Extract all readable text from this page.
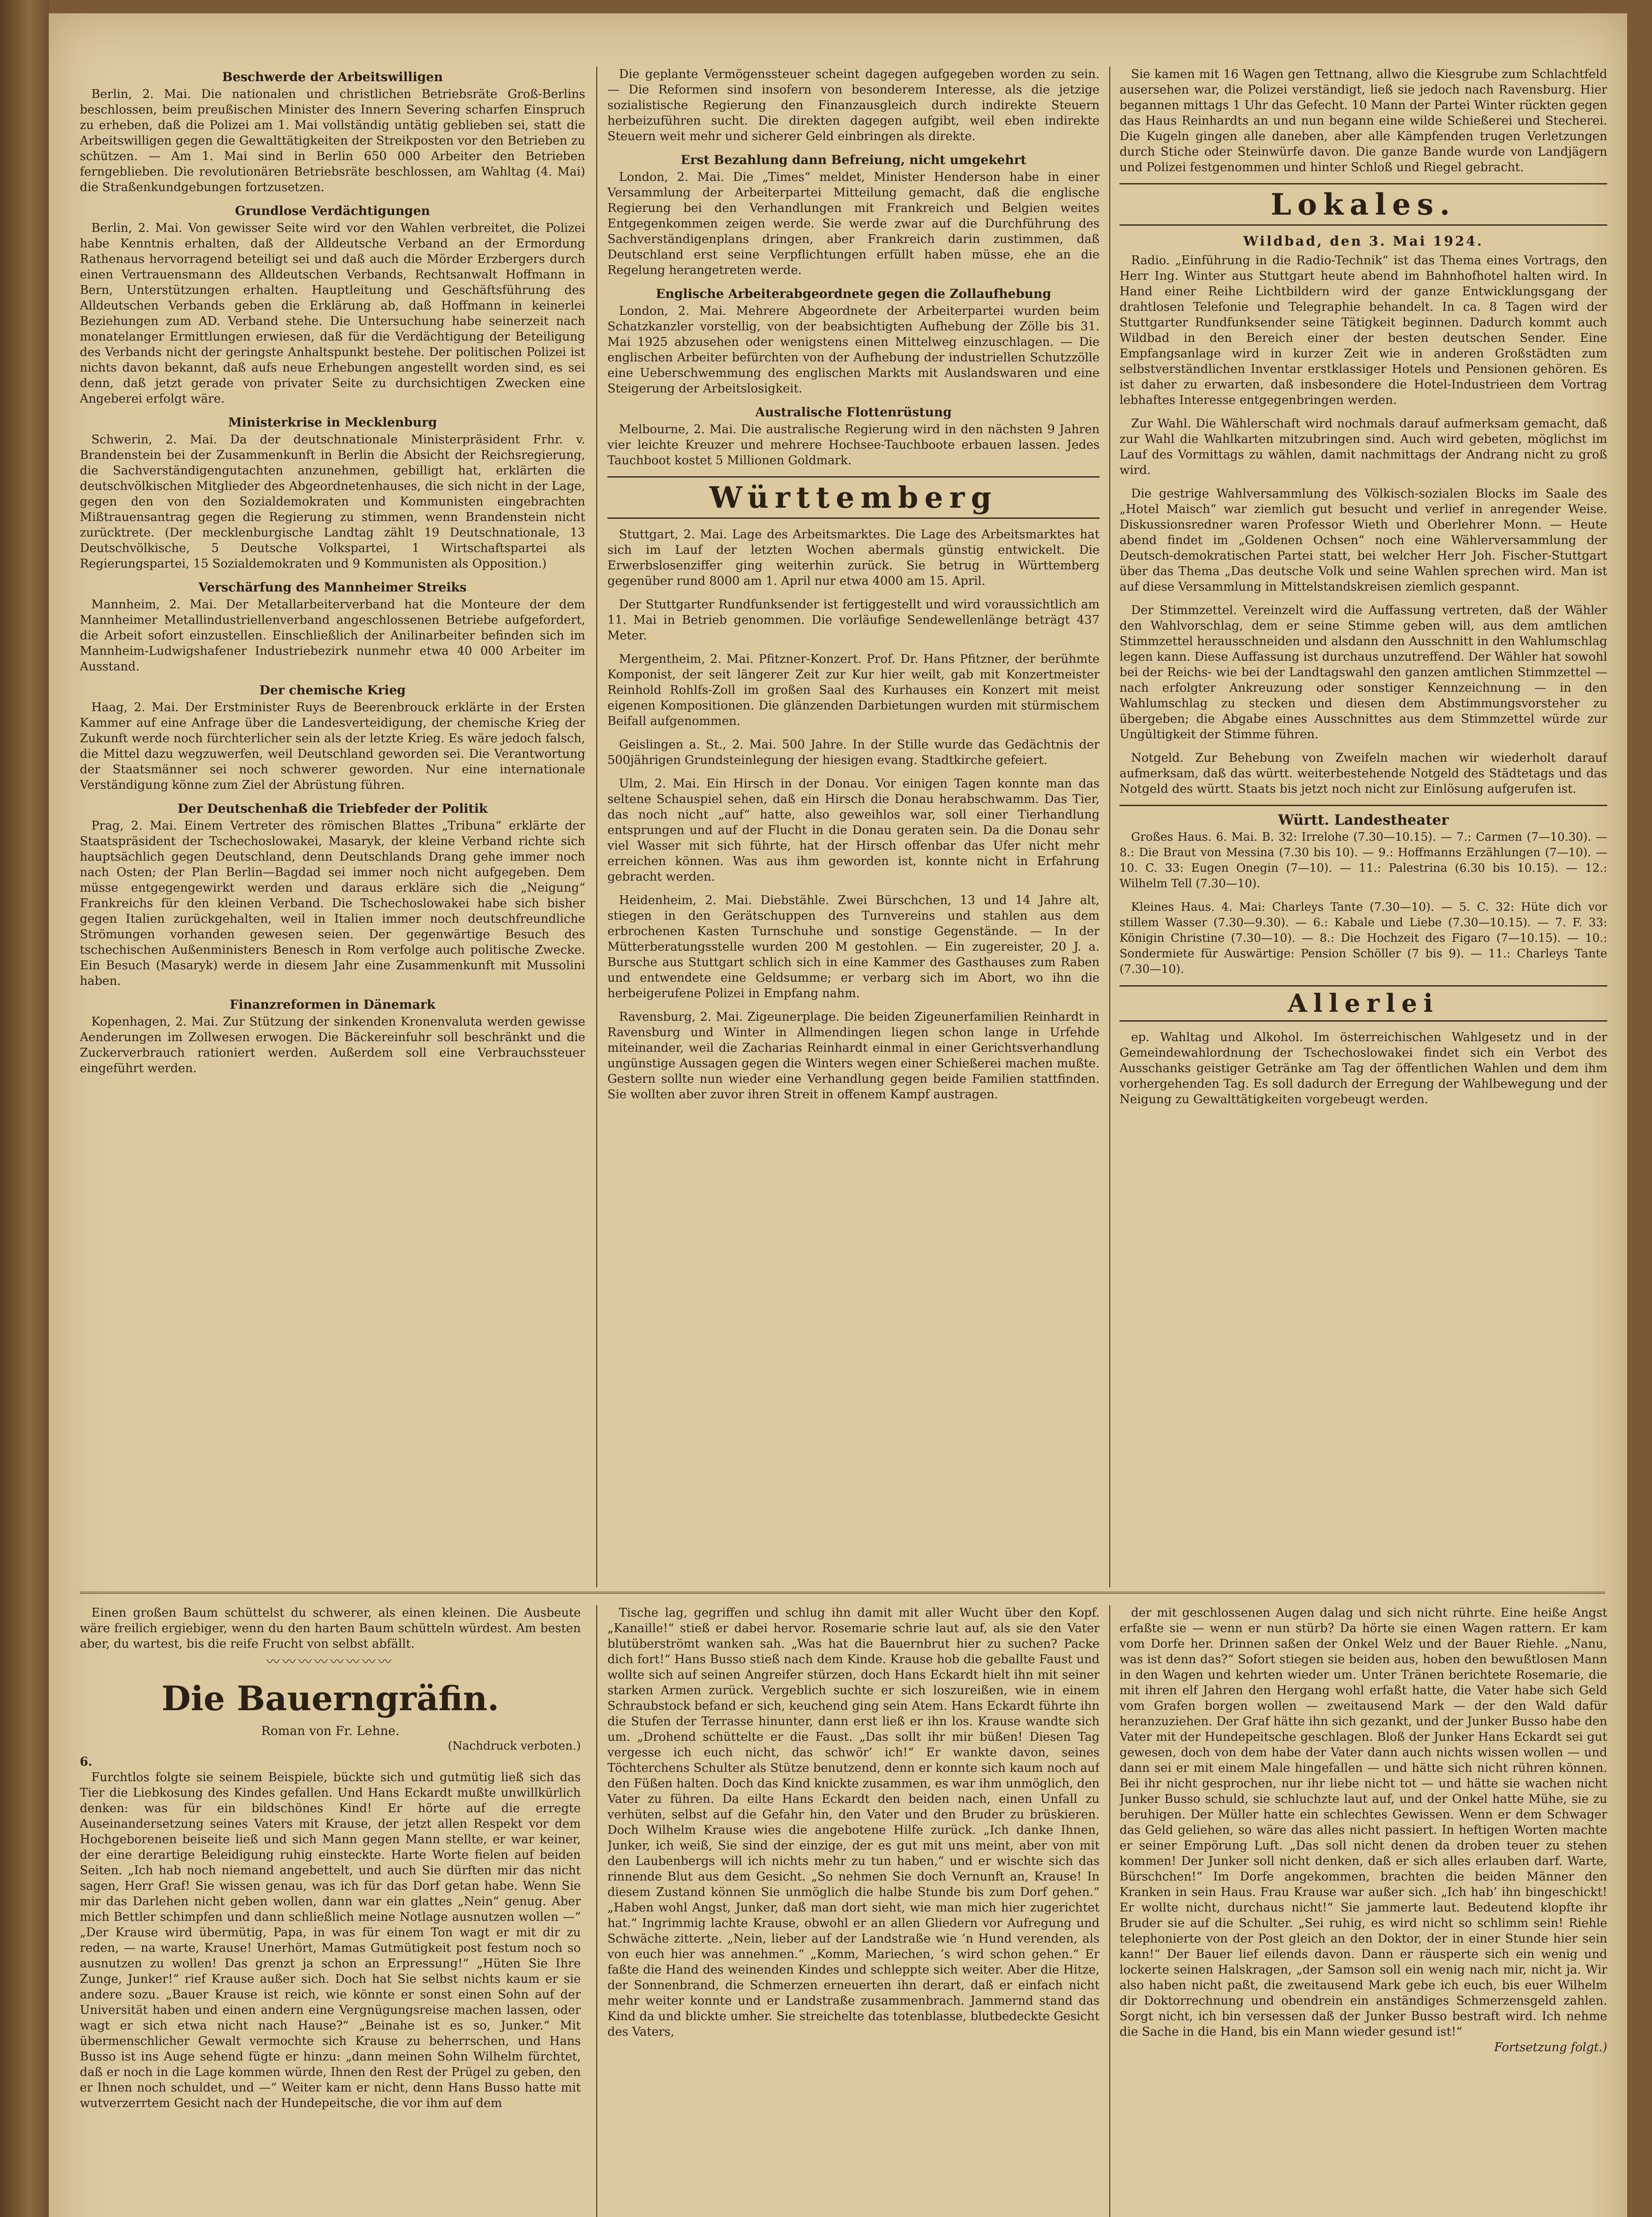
Beschwerde der Arbeitswilligen
Berlin, 2. Mai. Die nationalen und christlichen Betriebsräte Groß-Berlins beschlossen, beim preußischen Minister des Innern Severing scharfen Einspruch zu erheben, daß die Polizei am 1. Mai vollständig untätig geblieben sei, statt die Arbeitswilligen gegen die Gewalttätigkeiten der Streikposten vor den Betrieben zu schützen. — Am 1. Mai sind in Berlin 650 000 Arbeiter den Betrieben ferngeblieben. Die revolutionären Betriebsräte beschlossen, am Wahltag (4. Mai) die Straßenkundgebungen fortzusetzen.
Grundlose Verdächtigungen
Berlin, 2. Mai. Von gewisser Seite wird vor den Wahlen verbreitet, die Polizei habe Kenntnis erhalten, daß der Alldeutsche Verband an der Ermordung Rathenaus hervorragend beteiligt sei und daß auch die Mörder Erzbergers durch einen Vertrauensmann des Alldeutschen Verbands, Rechtsanwalt Hoffmann in Bern, Unterstützungen erhalten. Hauptleitung und Geschäftsführung des Alldeutschen Verbands geben die Erklärung ab, daß Hoffmann in keinerlei Beziehungen zum AD. Verband stehe. Die Untersuchung habe seinerzeit nach monatelanger Ermittlungen erwiesen, daß für die Verdächtigung der Beteiligung des Verbands nicht der geringste Anhaltspunkt bestehe. Der politischen Polizei ist nichts davon bekannt, daß aufs neue Erhebungen angestellt worden sind, es sei denn, daß jetzt gerade von privater Seite zu durchsichtigen Zwecken eine Angeberei erfolgt wäre.
Ministerkrise in Mecklenburg
Schwerin, 2. Mai. Da der deutschnationale Ministerpräsident Frhr. v. Brandenstein bei der Zusammenkunft in Berlin die Absicht der Reichsregierung, die Sachverständigengutachten anzunehmen, gebilligt hat, erklärten die deutschvölkischen Mitglieder des Abgeordnetenhauses, die sich nicht in der Lage, gegen den von den Sozialdemokraten und Kommunisten eingebrachten Mißtrauensantrag gegen die Regierung zu stimmen, wenn Brandenstein nicht zurücktrete. (Der mecklenburgische Landtag zählt 19 Deutschnationale, 13 Deutschvölkische, 5 Deutsche Volkspartei, 1 Wirtschaftspartei als Regierungspartei, 15 Sozialdemokraten und 9 Kommunisten als Opposition.)
Verschärfung des Mannheimer Streiks
Mannheim, 2. Mai. Der Metallarbeiterverband hat die Monteure der dem Mannheimer Metallindustriellenverband angeschlossenen Betriebe aufgefordert, die Arbeit sofort einzustellen. Einschließlich der Anilinarbeiter befinden sich im Mannheim-Ludwigshafener Industriebezirk nunmehr etwa 40 000 Arbeiter im Ausstand.
Der chemische Krieg
Haag, 2. Mai. Der Erstminister Ruys de Beerenbrouck erklärte in der Ersten Kammer auf eine Anfrage über die Landesverteidigung, der chemische Krieg der Zukunft werde noch fürchterlicher sein als der letzte Krieg. Es wäre jedoch falsch, die Mittel dazu wegzuwerfen, weil Deutschland geworden sei. Die Verantwortung der Staatsmänner sei noch schwerer geworden. Nur eine internationale Verständigung könne zum Ziel der Abrüstung führen.
Der Deutschenhaß die Triebfeder der Politik
Prag, 2. Mai. Einem Vertreter des römischen Blattes „Tribuna“ erklärte der Staatspräsident der Tschechoslowakei, Masaryk, der kleine Verband richte sich hauptsächlich gegen Deutschland, denn Deutschlands Drang gehe immer noch nach Osten; der Plan Berlin—Bagdad sei immer noch nicht aufgegeben. Dem müsse entgegengewirkt werden und daraus erkläre sich die „Neigung“ Frankreichs für den kleinen Verband. Die Tschechoslowakei habe sich bisher gegen Italien zurückgehalten, weil in Italien immer noch deutschfreundliche Strömungen vorhanden gewesen seien. Der gegenwärtige Besuch des tschechischen Außenministers Benesch in Rom verfolge auch politische Zwecke. Ein Besuch (Masaryk) werde in diesem Jahr eine Zusammenkunft mit Mussolini haben.
Finanzreformen in Dänemark
Kopenhagen, 2. Mai. Zur Stützung der sinkenden Kronenvaluta werden gewisse Aenderungen im Zollwesen erwogen. Die Bäckereinfuhr soll beschränkt und die Zuckerverbrauch rationiert werden. Außerdem soll eine Verbrauchssteuer eingeführt werden.
Die geplante Vermögenssteuer scheint dagegen aufgegeben worden zu sein. — Die Reformen sind insofern von besonderem Interesse, als die jetzige sozialistische Regierung den Finanzausgleich durch indirekte Steuern herbeizuführen sucht. Die direkten dagegen aufgibt, weil eben indirekte Steuern weit mehr und sicherer Geld einbringen als direkte.
Erst Bezahlung dann Befreiung, nicht umgekehrt
London, 2. Mai. Die „Times“ meldet, Minister Henderson habe in einer Versammlung der Arbeiterpartei Mitteilung gemacht, daß die englische Regierung bei den Verhandlungen mit Frankreich und Belgien weites Entgegenkommen zeigen werde. Sie werde zwar auf die Durchführung des Sachverständigenplans dringen, aber Frankreich darin zustimmen, daß Deutschland erst seine Verpflichtungen erfüllt haben müsse, ehe an die Regelung herangetreten werde.
Englische Arbeiterabgeordnete gegen die Zollaufhebung
London, 2. Mai. Mehrere Abgeordnete der Arbeiterpartei wurden beim Schatzkanzler vorstellig, von der beabsichtigten Aufhebung der Zölle bis 31. Mai 1925 abzusehen oder wenigstens einen Mittelweg einzuschlagen. — Die englischen Arbeiter befürchten von der Aufhebung der industriellen Schutzzölle eine Ueberschwemmung des englischen Markts mit Auslandswaren und eine Steigerung der Arbeitslosigkeit.
Australische Flottenrüstung
Melbourne, 2. Mai. Die australische Regierung wird in den nächsten 9 Jahren vier leichte Kreuzer und mehrere Hochsee-Tauchboote erbauen lassen. Jedes Tauchboot kostet 5 Millionen Goldmark.
Württemberg
Stuttgart, 2. Mai. Lage des Arbeitsmarktes. Die Lage des Arbeitsmarktes hat sich im Lauf der letzten Wochen abermals günstig entwickelt. Die Erwerbslosenziffer ging weiterhin zurück. Sie betrug in Württemberg gegenüber rund 8000 am 1. April nur etwa 4000 am 15. April.
Der Stuttgarter Rundfunksender ist fertiggestellt und wird voraussichtlich am 11. Mai in Betrieb genommen. Die vorläufige Sendewellenlänge beträgt 437 Meter.
Mergentheim, 2. Mai. Pfitzner-Konzert. Prof. Dr. Hans Pfitzner, der berühmte Komponist, der seit längerer Zeit zur Kur hier weilt, gab mit Konzertmeister Reinhold Rohlfs-Zoll im großen Saal des Kurhauses ein Konzert mit meist eigenen Kompositionen. Die glänzenden Darbietungen wurden mit stürmischem Beifall aufgenommen.
Geislingen a. St., 2. Mai. 500 Jahre. In der Stille wurde das Gedächtnis der 500jährigen Grundsteinlegung der hiesigen evang. Stadtkirche gefeiert.
Ulm, 2. Mai. Ein Hirsch in der Donau. Vor einigen Tagen konnte man das seltene Schauspiel sehen, daß ein Hirsch die Donau herabschwamm. Das Tier, das noch nicht „auf“ hatte, also geweihlos war, soll einer Tierhandlung entsprungen und auf der Flucht in die Donau geraten sein. Da die Donau sehr viel Wasser mit sich führte, hat der Hirsch offenbar das Ufer nicht mehr erreichen können. Was aus ihm geworden ist, konnte nicht in Erfahrung gebracht werden.
Heidenheim, 2. Mai. Diebstähle. Zwei Bürschchen, 13 und 14 Jahre alt, stiegen in den Gerätschuppen des Turnvereins und stahlen aus dem erbrochenen Kasten Turnschuhe und sonstige Gegenstände. — In der Mütterberatungsstelle wurden 200 M gestohlen. — Ein zugereister, 20 J. a. Bursche aus Stuttgart schlich sich in eine Kammer des Gasthauses zum Raben und entwendete eine Geldsumme; er verbarg sich im Abort, wo ihn die herbeigerufene Polizei in Empfang nahm.
Ravensburg, 2. Mai. Zigeunerplage. Die beiden Zigeunerfamilien Reinhardt in Ravensburg und Winter in Allmendingen liegen schon lange in Urfehde miteinander, weil die Zacharias Reinhardt einmal in einer Gerichtsverhandlung ungünstige Aussagen gegen die Winters wegen einer Schießerei machen mußte. Gestern sollte nun wieder eine Verhandlung gegen beide Familien stattfinden. Sie wollten aber zuvor ihren Streit in offenem Kampf austragen.
Sie kamen mit 16 Wagen gen Tettnang, allwo die Kiesgrube zum Schlachtfeld ausersehen war, die Polizei verständigt, ließ sie jedoch nach Ravensburg. Hier begannen mittags 1 Uhr das Gefecht. 10 Mann der Partei Winter rückten gegen das Haus Reinhardts an und nun begann eine wilde Schießerei und Stecherei. Die Kugeln gingen alle daneben, aber alle Kämpfenden trugen Verletzungen durch Stiche oder Steinwürfe davon. Die ganze Bande wurde von Landjägern und Polizei festgenommen und hinter Schloß und Riegel gebracht.
Lokales.
Wildbad, den 3. Mai 1924.
Radio. „Einführung in die Radio-Technik“ ist das Thema eines Vortrags, den Herr Ing. Winter aus Stuttgart heute abend im Bahnhofhotel halten wird. In Hand einer Reihe Lichtbildern wird der ganze Entwicklungsgang der drahtlosen Telefonie und Telegraphie behandelt. In ca. 8 Tagen wird der Stuttgarter Rundfunksender seine Tätigkeit beginnen. Dadurch kommt auch Wildbad in den Bereich einer der besten deutschen Sender. Eine Empfangsanlage wird in kurzer Zeit wie in anderen Großstädten zum selbstverständlichen Inventar erstklassiger Hotels und Pensionen gehören. Es ist daher zu erwarten, daß insbesondere die Hotel-Industrieen dem Vortrag lebhaftes Interesse entgegenbringen werden.
Zur Wahl. Die Wählerschaft wird nochmals darauf aufmerksam gemacht, daß zur Wahl die Wahlkarten mitzubringen sind. Auch wird gebeten, möglichst im Lauf des Vormittags zu wählen, damit nachmittags der Andrang nicht zu groß wird.
Die gestrige Wahlversammlung des Völkisch-sozialen Blocks im Saale des „Hotel Maisch“ war ziemlich gut besucht und verlief in anregender Weise. Diskussionsredner waren Professor Wieth und Oberlehrer Monn. — Heute abend findet im „Goldenen Ochsen“ noch eine Wählerversammlung der Deutsch-demokratischen Partei statt, bei welcher Herr Joh. Fischer-Stuttgart über das Thema „Das deutsche Volk und seine Wahlen sprechen wird. Man ist auf diese Versammlung in Mittelstandskreisen ziemlich gespannt.
Der Stimmzettel. Vereinzelt wird die Auffassung vertreten, daß der Wähler den Wahlvorschlag, dem er seine Stimme geben will, aus dem amtlichen Stimmzettel herausschneiden und alsdann den Ausschnitt in den Wahlumschlag legen kann. Diese Auffassung ist durchaus unzutreffend. Der Wähler hat sowohl bei der Reichs- wie bei der Landtagswahl den ganzen amtlichen Stimmzettel — nach erfolgter Ankreuzung oder sonstiger Kennzeichnung — in den Wahlumschlag zu stecken und diesen dem Abstimmungsvorsteher zu übergeben; die Abgabe eines Ausschnittes aus dem Stimmzettel würde zur Ungültigkeit der Stimme führen.
Notgeld. Zur Behebung von Zweifeln machen wir wiederholt darauf aufmerksam, daß das württ. weiterbestehende Notgeld des Städtetags und das Notgeld des württ. Staats bis jetzt noch nicht zur Einlösung aufgerufen ist.
Württ. Landestheater
Großes Haus. 6. Mai. B. 32: Irrelohe (7.30—10.15). — 7.: Carmen (7—10.30). — 8.: Die Braut von Messina (7.30 bis 10). — 9.: Hoffmanns Erzählungen (7—10). — 10. C. 33: Eugen Onegin (7—10). — 11.: Palestrina (6.30 bis 10.15). — 12.: Wilhelm Tell (7.30—10).
Kleines Haus. 4. Mai: Charleys Tante (7.30—10). — 5. C. 32: Hüte dich vor stillem Wasser (7.30—9.30). — 6.: Kabale und Liebe (7.30—10.15). — 7. F. 33: Königin Christine (7.30—10). — 8.: Die Hochzeit des Figaro (7—10.15). — 10.: Sondermiete für Auswärtige: Pension Schöller (7 bis 9). — 11.: Charleys Tante (7.30—10).
Allerlei
ep. Wahltag und Alkohol. Im österreichischen Wahlgesetz und in der Gemeindewahlordnung der Tschechoslowakei findet sich ein Verbot des Ausschanks geistiger Getränke am Tag der öffentlichen Wahlen und dem ihm vorhergehenden Tag. Es soll dadurch der Erregung der Wahlbewegung und der Neigung zu Gewalttätigkeiten vorgebeugt werden.
Einen großen Baum schüttelst du schwerer, als einen kleinen. Die Ausbeute wäre freilich ergiebiger, wenn du den harten Baum schütteln würdest. Am besten aber, du wartest, bis die reife Frucht von selbst abfällt.
〰〰〰〰〰〰〰〰
Die Bauerngräfin.
Roman von Fr. Lehne.
(Nachdruck verboten.)
6.
Furchtlos folgte sie seinem Beispiele, bückte sich und gutmütig ließ sich das Tier die Liebkosung des Kindes gefallen. Und Hans Eckardt mußte unwillkürlich denken: was für ein bildschönes Kind! Er hörte auf die erregte Auseinandersetzung seines Vaters mit Krause, der jetzt allen Respekt vor dem Hochgeborenen beiseite ließ und sich Mann gegen Mann stellte, er war keiner, der eine derartige Beleidigung ruhig einsteckte. Harte Worte fielen auf beiden Seiten. „Ich hab noch niemand angebettelt, und auch Sie dürften mir das nicht sagen, Herr Graf! Sie wissen genau, was ich für das Dorf getan habe. Wenn Sie mir das Darlehen nicht geben wollen, dann war ein glattes „Nein“ genug. Aber mich Bettler schimpfen und dann schließlich meine Notlage ausnutzen wollen —“ „Der Krause wird übermütig, Papa, in was für einem Ton wagt er mit dir zu reden, — na warte, Krause! Unerhört, Mamas Gutmütigkeit post festum noch so ausnutzen zu wollen! Das grenzt ja schon an Erpressung!“ „Hüten Sie Ihre Zunge, Junker!“ rief Krause außer sich. Doch hat Sie selbst nichts kaum er sie andere sozu. „Bauer Krause ist reich, wie könnte er sonst einen Sohn auf der Universität haben und einen andern eine Vergnügungsreise machen lassen, oder wagt er sich etwa nicht nach Hause?“ „Beinahe ist es so, Junker.“ Mit übermenschlicher Gewalt vermochte sich Krause zu beherrschen, und Hans Busso ist ins Auge sehend fügte er hinzu: „dann meinen Sohn Wilhelm fürchtet, daß er noch in die Lage kommen würde, Ihnen den Rest der Prügel zu geben, den er Ihnen noch schuldet, und —“ Weiter kam er nicht, denn Hans Busso hatte mit wutverzerrtem Gesicht nach der Hundepeitsche, die vor ihm auf dem
Tische lag, gegriffen und schlug ihn damit mit aller Wucht über den Kopf. „Kanaille!“ stieß er dabei hervor. Rosemarie schrie laut auf, als sie den Vater blutüberströmt wanken sah. „Was hat die Bauernbrut hier zu suchen? Packe dich fort!“ Hans Busso stieß nach dem Kinde. Krause hob die geballte Faust und wollte sich auf seinen Angreifer stürzen, doch Hans Eckardt hielt ihn mit seiner starken Armen zurück. Vergeblich suchte er sich loszureißen, wie in einem Schraubstock befand er sich, keuchend ging sein Atem. Hans Eckardt führte ihn die Stufen der Terrasse hinunter, dann erst ließ er ihn los. Krause wandte sich um. „Drohend schüttelte er die Faust. „Das sollt ihr mir büßen! Diesen Tag vergesse ich euch nicht, das schwör’ ich!“ Er wankte davon, seines Töchterchens Schulter als Stütze benutzend, denn er konnte sich kaum noch auf den Füßen halten. Doch das Kind knickte zusammen, es war ihm unmöglich, den Vater zu führen. Da eilte Hans Eckardt den beiden nach, einen Unfall zu verhüten, selbst auf die Gefahr hin, den Vater und den Bruder zu brüskieren. Doch Wilhelm Krause wies die angebotene Hilfe zurück. „Ich danke Ihnen, Junker, ich weiß, Sie sind der einzige, der es gut mit uns meint, aber von mit den Laubenbergs will ich nichts mehr zu tun haben,“ und er wischte sich das rinnende Blut aus dem Gesicht. „So nehmen Sie doch Vernunft an, Krause! In diesem Zustand können Sie unmöglich die halbe Stunde bis zum Dorf gehen.“ „Haben wohl Angst, Junker, daß man dort sieht, wie man mich hier zugerichtet hat.“ Ingrimmig lachte Krause, obwohl er an allen Gliedern vor Aufregung und Schwäche zitterte. „Nein, lieber auf der Landstraße wie ’n Hund verenden, als von euch hier was annehmen.“ „Komm, Mariechen, ’s wird schon gehen.“ Er faßte die Hand des weinenden Kindes und schleppte sich weiter. Aber die Hitze, der Sonnenbrand, die Schmerzen erneuerten ihn derart, daß er einfach nicht mehr weiter konnte und er Landstraße zusammenbrach. Jammernd stand das Kind da und blickte umher. Sie streichelte das totenblasse, blutbedeckte Gesicht des Vaters,
der mit geschlossenen Augen dalag und sich nicht rührte. Eine heiße Angst erfaßte sie — wenn er nun stürb? Da hörte sie einen Wagen rattern. Er kam vom Dorfe her. Drinnen saßen der Onkel Welz und der Bauer Riehle. „Nanu, was ist denn das?“ Sofort stiegen sie beiden aus, hoben den bewußtlosen Mann in den Wagen und kehrten wieder um. Unter Tränen berichtete Rosemarie, die mit ihren elf Jahren den Hergang wohl erfaßt hatte, die Vater habe sich Geld vom Grafen borgen wollen — zweitausend Mark — der den Wald dafür heranzuziehen. Der Graf hätte ihn sich gezankt, und der Junker Busso habe den Vater mit der Hundepeitsche geschlagen. Bloß der Junker Hans Eckardt sei gut gewesen, doch von dem habe der Vater dann auch nichts wissen wollen — und dann sei er mit einem Male hingefallen — und hätte sich nicht rühren können. Bei ihr nicht gesprochen, nur ihr liebe nicht tot — und hätte sie wachen nicht Junker Busso schuld, sie schluchzte laut auf, und der Onkel hatte Mühe, sie zu beruhigen. Der Müller hatte ein schlechtes Gewissen. Wenn er dem Schwager das Geld geliehen, so wäre das alles nicht passiert. In heftigen Worten machte er seiner Empörung Luft. „Das soll nicht denen da droben teuer zu stehen kommen! Der Junker soll nicht denken, daß er sich alles erlauben darf. Warte, Bürschchen!“ Im Dorfe angekommen, brachten die beiden Männer den Kranken in sein Haus. Frau Krause war außer sich. „Ich hab’ ihn bingeschickt! Er wollte nicht, durchaus nicht!“ Sie jammerte laut. Bedeutend klopfte ihr Bruder sie auf die Schulter. „Sei ruhig, es wird nicht so schlimm sein! Riehle telephonierte von der Post gleich an den Doktor, der in einer Stunde hier sein kann!“ Der Bauer lief eilends davon. Dann er räusperte sich ein wenig und lockerte seinen Halskragen, „der Samson soll ein wenig nach mir, nicht ja. Wir also haben nicht paßt, die zweitausend Mark gebe ich euch, bis euer Wilhelm dir Doktorrechnung und obendrein ein anständiges Schmerzensgeld zahlen. Sorgt nicht, ich bin versessen daß der Junker Busso bestraft wird. Ich nehme die Sache in die Hand, bis ein Mann wieder gesund ist!“
Fortsetzung folgt.)
